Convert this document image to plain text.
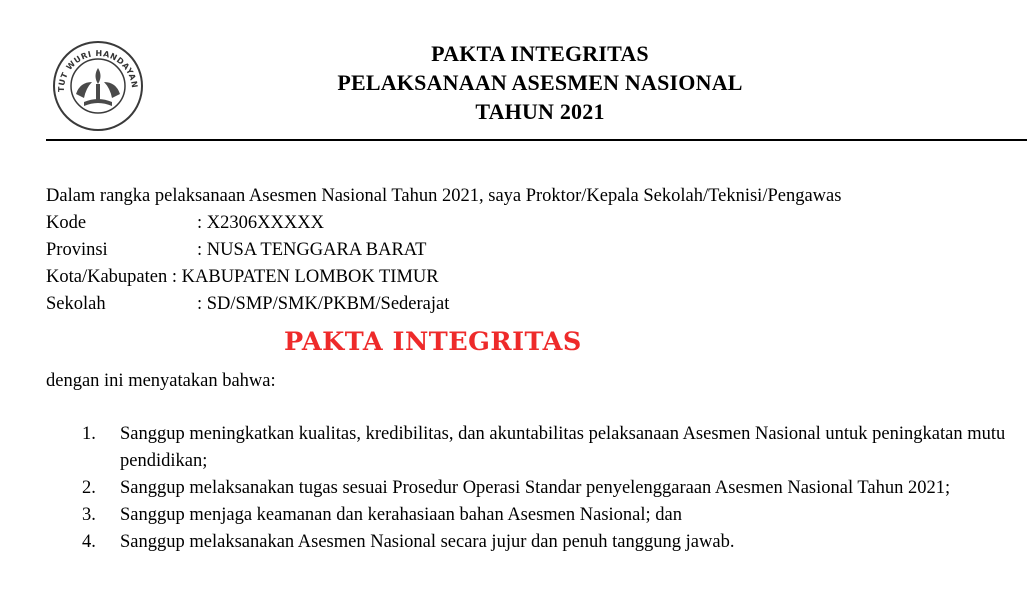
TUT WURI HANDAYAN
PAKTA INTEGRITAS
PELAKSANAAN ASESMEN NASIONAL
TAHUN 2021
Dalam rangka pelaksanaan Asesmen Nasional Tahun 2021, saya Proktor/Kepala Sekolah/Teknisi/Pengawas
Kode	: X2306XXXXX
Provinsi	: NUSA TENGGARA BARAT
Kota/Kabupaten : KABUPATEN LOMBOK TIMUR
Sekolah	: SD/SMP/SMK/PKBM/Sederajat
PAKTA INTEGRITAS
dengan ini menyatakan bahwa:
1. Sanggup meningkatkan kualitas, kredibilitas, dan akuntabilitas pelaksanaan Asesmen Nasional untuk peningkatan mutu pendidikan;
2. Sanggup melaksanakan tugas sesuai Prosedur Operasi Standar penyelenggaraan Asesmen Nasional Tahun 2021;
3. Sanggup menjaga keamanan dan kerahasiaan bahan Asesmen Nasional; dan
4. Sanggup melaksanakan Asesmen Nasional secara jujur dan penuh tanggung jawab.
